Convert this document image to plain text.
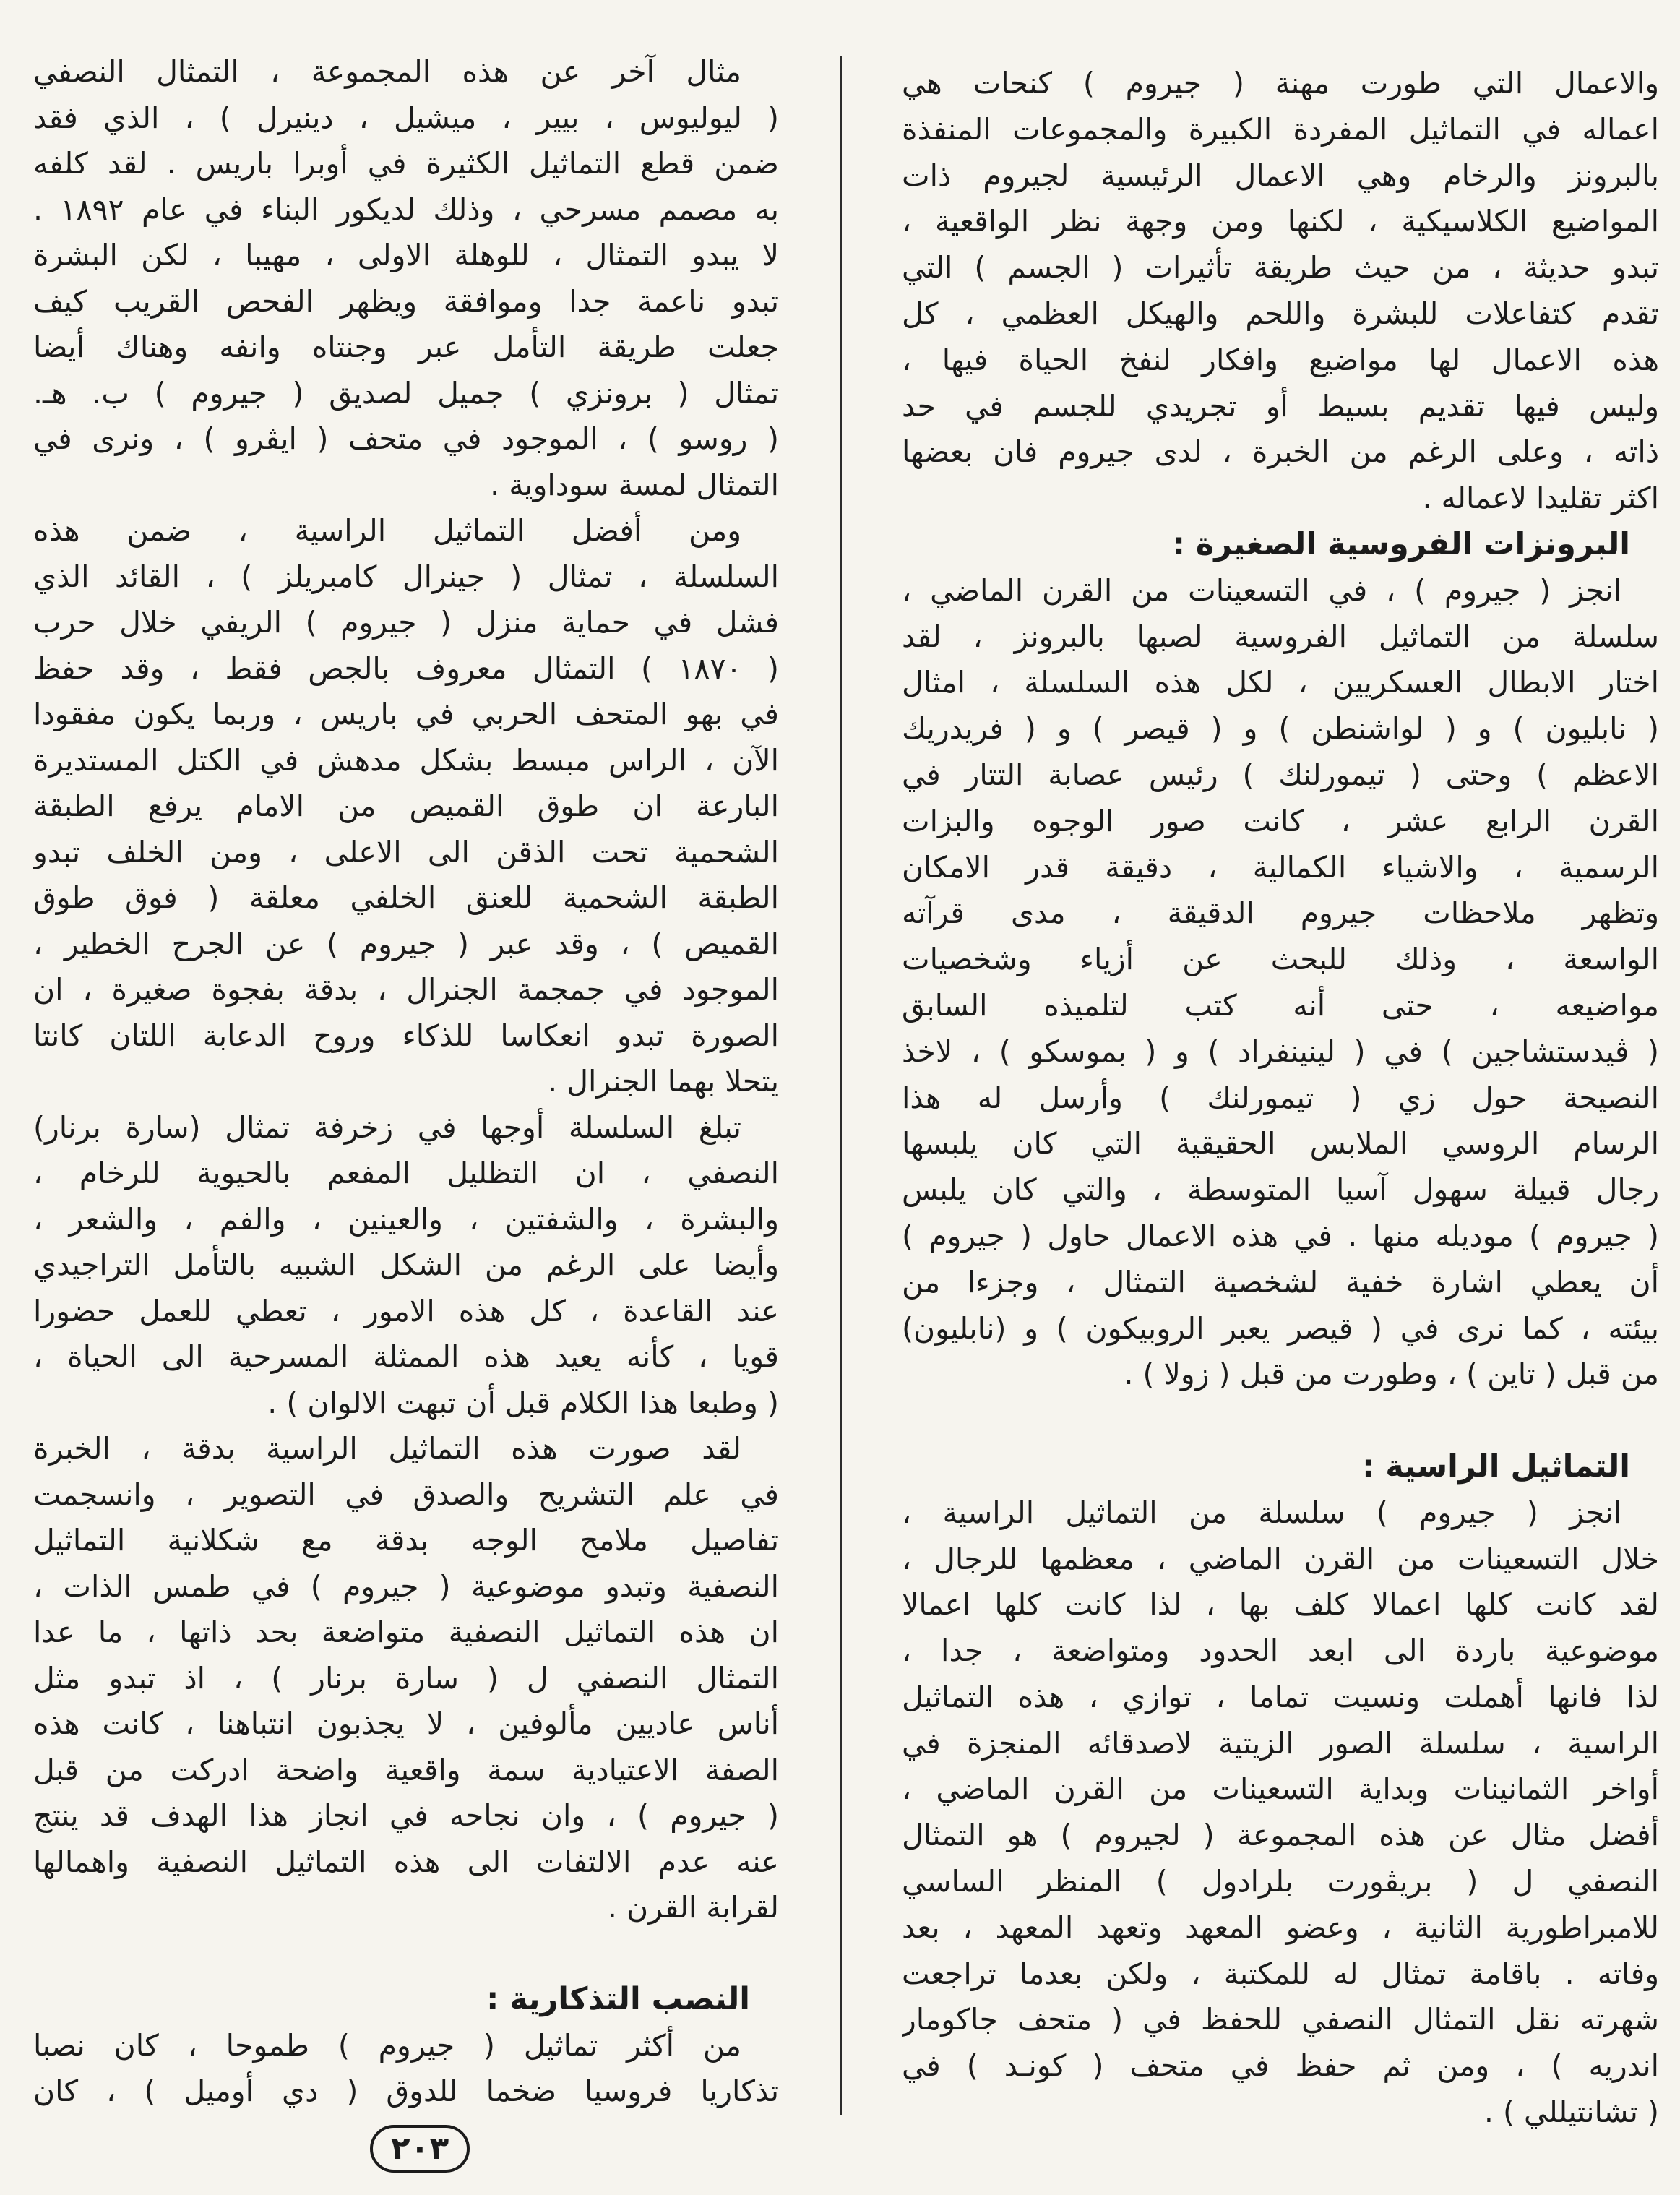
والاعمال التي طورت مهنة ( جيروم ) كنحات هي
اعماله في التماثيل المفردة الكبيرة والمجموعات المنفذة
بالبرونز والرخام وهي الاعمال الرئيسية لجيروم ذات
المواضيع الكلاسيكية ، لكنها ومن وجهة نظر الواقعية ،
تبدو حديثة ، من حيث طريقة تأثيرات ( الجسم ) التي
تقدم كتفاعلات للبشرة واللحم والهيكل العظمي ، كل
هذه الاعمال لها مواضيع وافكار لنفخ الحياة فيها ،
وليس فيها تقديم بسيط أو تجريدي للجسم في حد
ذاته ، وعلى الرغم من الخبرة ، لدى جيروم فان بعضها
اكثر تقليدا لاعماله .
البرونزات الفروسية الصغيرة :
انجز ( جيروم ) ، في التسعينات من القرن الماضي ،
سلسلة من التماثيل الفروسية لصبها بالبرونز ، لقد
اختار الابطال العسكريين ، لكل هذه السلسلة ، امثال
( نابليون ) و ( لواشنطن ) و ( قيصر ) و ( فريدريك
الاعظم ) وحتى ( تيمورلنك ) رئيس عصابة التتار في
القرن الرابع عشر ، كانت صور الوجوه والبزات
الرسمية ، والاشياء الكمالية ، دقيقة قدر الامكان
وتظهر ملاحظات جيروم الدقيقة ، مدى قرآته
الواسعة ، وذلك للبحث عن أزياء وشخصيات
مواضيعه ، حتى أنه كتب لتلميذه السابق
( ڤيدستشاجين ) في ( لينينفراد ) و ( بموسكو ) ، لاخذ
النصيحة حول زي ( تيمورلنك ) وأرسل له هذا
الرسام الروسي الملابس الحقيقية التي كان يلبسها
رجال قبيلة سهول آسيا المتوسطة ، والتي كان يلبس
( جيروم ) موديله منها . في هذه الاعمال حاول ( جيروم )
أن يعطي اشارة خفية لشخصية التمثال ، وجزءا من
بيئته ، كما نرى في ( قيصر يعبر الروبيكون ) و (نابليون)
من قبل ( تاين ) ، وطورت من قبل ( زولا ) .
التماثيل الراسية :
انجز ( جيروم ) سلسلة من التماثيل الراسية ،
خلال التسعينات من القرن الماضي ، معظمها للرجال ،
لقد كانت كلها اعمالا كلف بها ، لذا كانت كلها اعمالا
موضوعية باردة الى ابعد الحدود ومتواضعة ، جدا ،
لذا فانها أهملت ونسيت تماما ، توازي ، هذه التماثيل
الراسية ، سلسلة الصور الزيتية لاصدقائه المنجزة في
أواخر الثمانينات وبداية التسعينات من القرن الماضي ،
أفضل مثال عن هذه المجموعة ( لجيروم ) هو التمثال
النصفي ل ( بريڤورت بلرادول ) المنظر الساسي
للامبراطورية الثانية ، وعضو المعهد وتعهد المعهد ، بعد
وفاته . باقامة تمثال له للمكتبة ، ولكن بعدما تراجعت
شهرته نقل التمثال النصفي للحفظ في ( متحف جاكومار
اندريه ) ، ومن ثم حفظ في متحف ( كونـد ) في
( تشانتيللي ) .
مثال آخر عن هذه المجموعة ، التمثال النصفي
( ليوليوس ، بيير ، ميشيل ، دينيرل ) ، الذي فقد
ضمن قطع التماثيل الكثيرة في أوبرا باريس . لقد كلفه
به مصمم مسرحي ، وذلك لديكور البناء في عام ١٨٩٢ .
لا يبدو التمثال ، للوهلة الاولى ، مهيبا ، لكن البشرة
تبدو ناعمة جدا وموافقة ويظهر الفحص القريب كيف
جعلت طريقة التأمل عبر وجنتاه وانفه وهناك أيضا
تمثال ( برونزي ) جميل لصديق ( جيروم ) ب. هـ.
( روسو ) ، الموجود في متحف ( ايڤرو ) ، ونرى في
التمثال لمسة سوداوية .
ومن أفضل التماثيل الراسية ، ضمن هذه
السلسلة ، تمثال ( جينرال كامبريلز ) ، القائد الذي
فشل في حماية منزل ( جيروم ) الريفي خلال حرب
( ١٨٧٠ ) التمثال معروف بالجص فقط ، وقد حفظ
في بهو المتحف الحربي في باريس ، وربما يكون مفقودا
الآن ، الراس مبسط بشكل مدهش في الكتل المستديرة
البارعة ان طوق القميص من الامام يرفع الطبقة
الشحمية تحت الذقن الى الاعلى ، ومن الخلف تبدو
الطبقة الشحمية للعنق الخلفي معلقة ( فوق طوق
القميص ) ، وقد عبر ( جيروم ) عن الجرح الخطير ،
الموجود في جمجمة الجنرال ، بدقة بفجوة صغيرة ، ان
الصورة تبدو انعكاسا للذكاء وروح الدعابة اللتان كانتا
يتحلا بهما الجنرال .
تبلغ السلسلة أوجها في زخرفة تمثال (سارة برنار)
النصفي ، ان التظليل المفعم بالحيوية للرخام ،
والبشرة ، والشفتين ، والعينين ، والفم ، والشعر ،
وأيضا على الرغم من الشكل الشبيه بالتأمل التراجيدي
عند القاعدة ، كل هذه الامور ، تعطي للعمل حضورا
قويا ، كأنه يعيد هذه الممثلة المسرحية الى الحياة ،
( وطبعا هذا الكلام قبل أن تبهت الالوان ) .
لقد صورت هذه التماثيل الراسية بدقة ، الخبرة
في علم التشريح والصدق في التصوير ، وانسجمت
تفاصيل ملامح الوجه بدقة مع شكلانية التماثيل
النصفية وتبدو موضوعية ( جيروم ) في طمس الذات ،
ان هذه التماثيل النصفية متواضعة بحد ذاتها ، ما عدا
التمثال النصفي ل ( سارة برنار ) ، اذ تبدو مثل
أناس عاديين مألوفين ، لا يجذبون انتباهنا ، كانت هذه
الصفة الاعتيادية سمة واقعية واضحة ادركت من قبل
( جيروم ) ، وان نجاحه في انجاز هذا الهدف قد ينتج
عنه عدم الالتفات الى هذه التماثيل النصفية واهمالها
لقرابة القرن .
النصب التذكارية :
من أكثر تماثيل ( جيروم ) طموحا ، كان نصبا
تذكاريا فروسيا ضخما للدوق ( دي أوميل ) ، كان
٢٠٣
